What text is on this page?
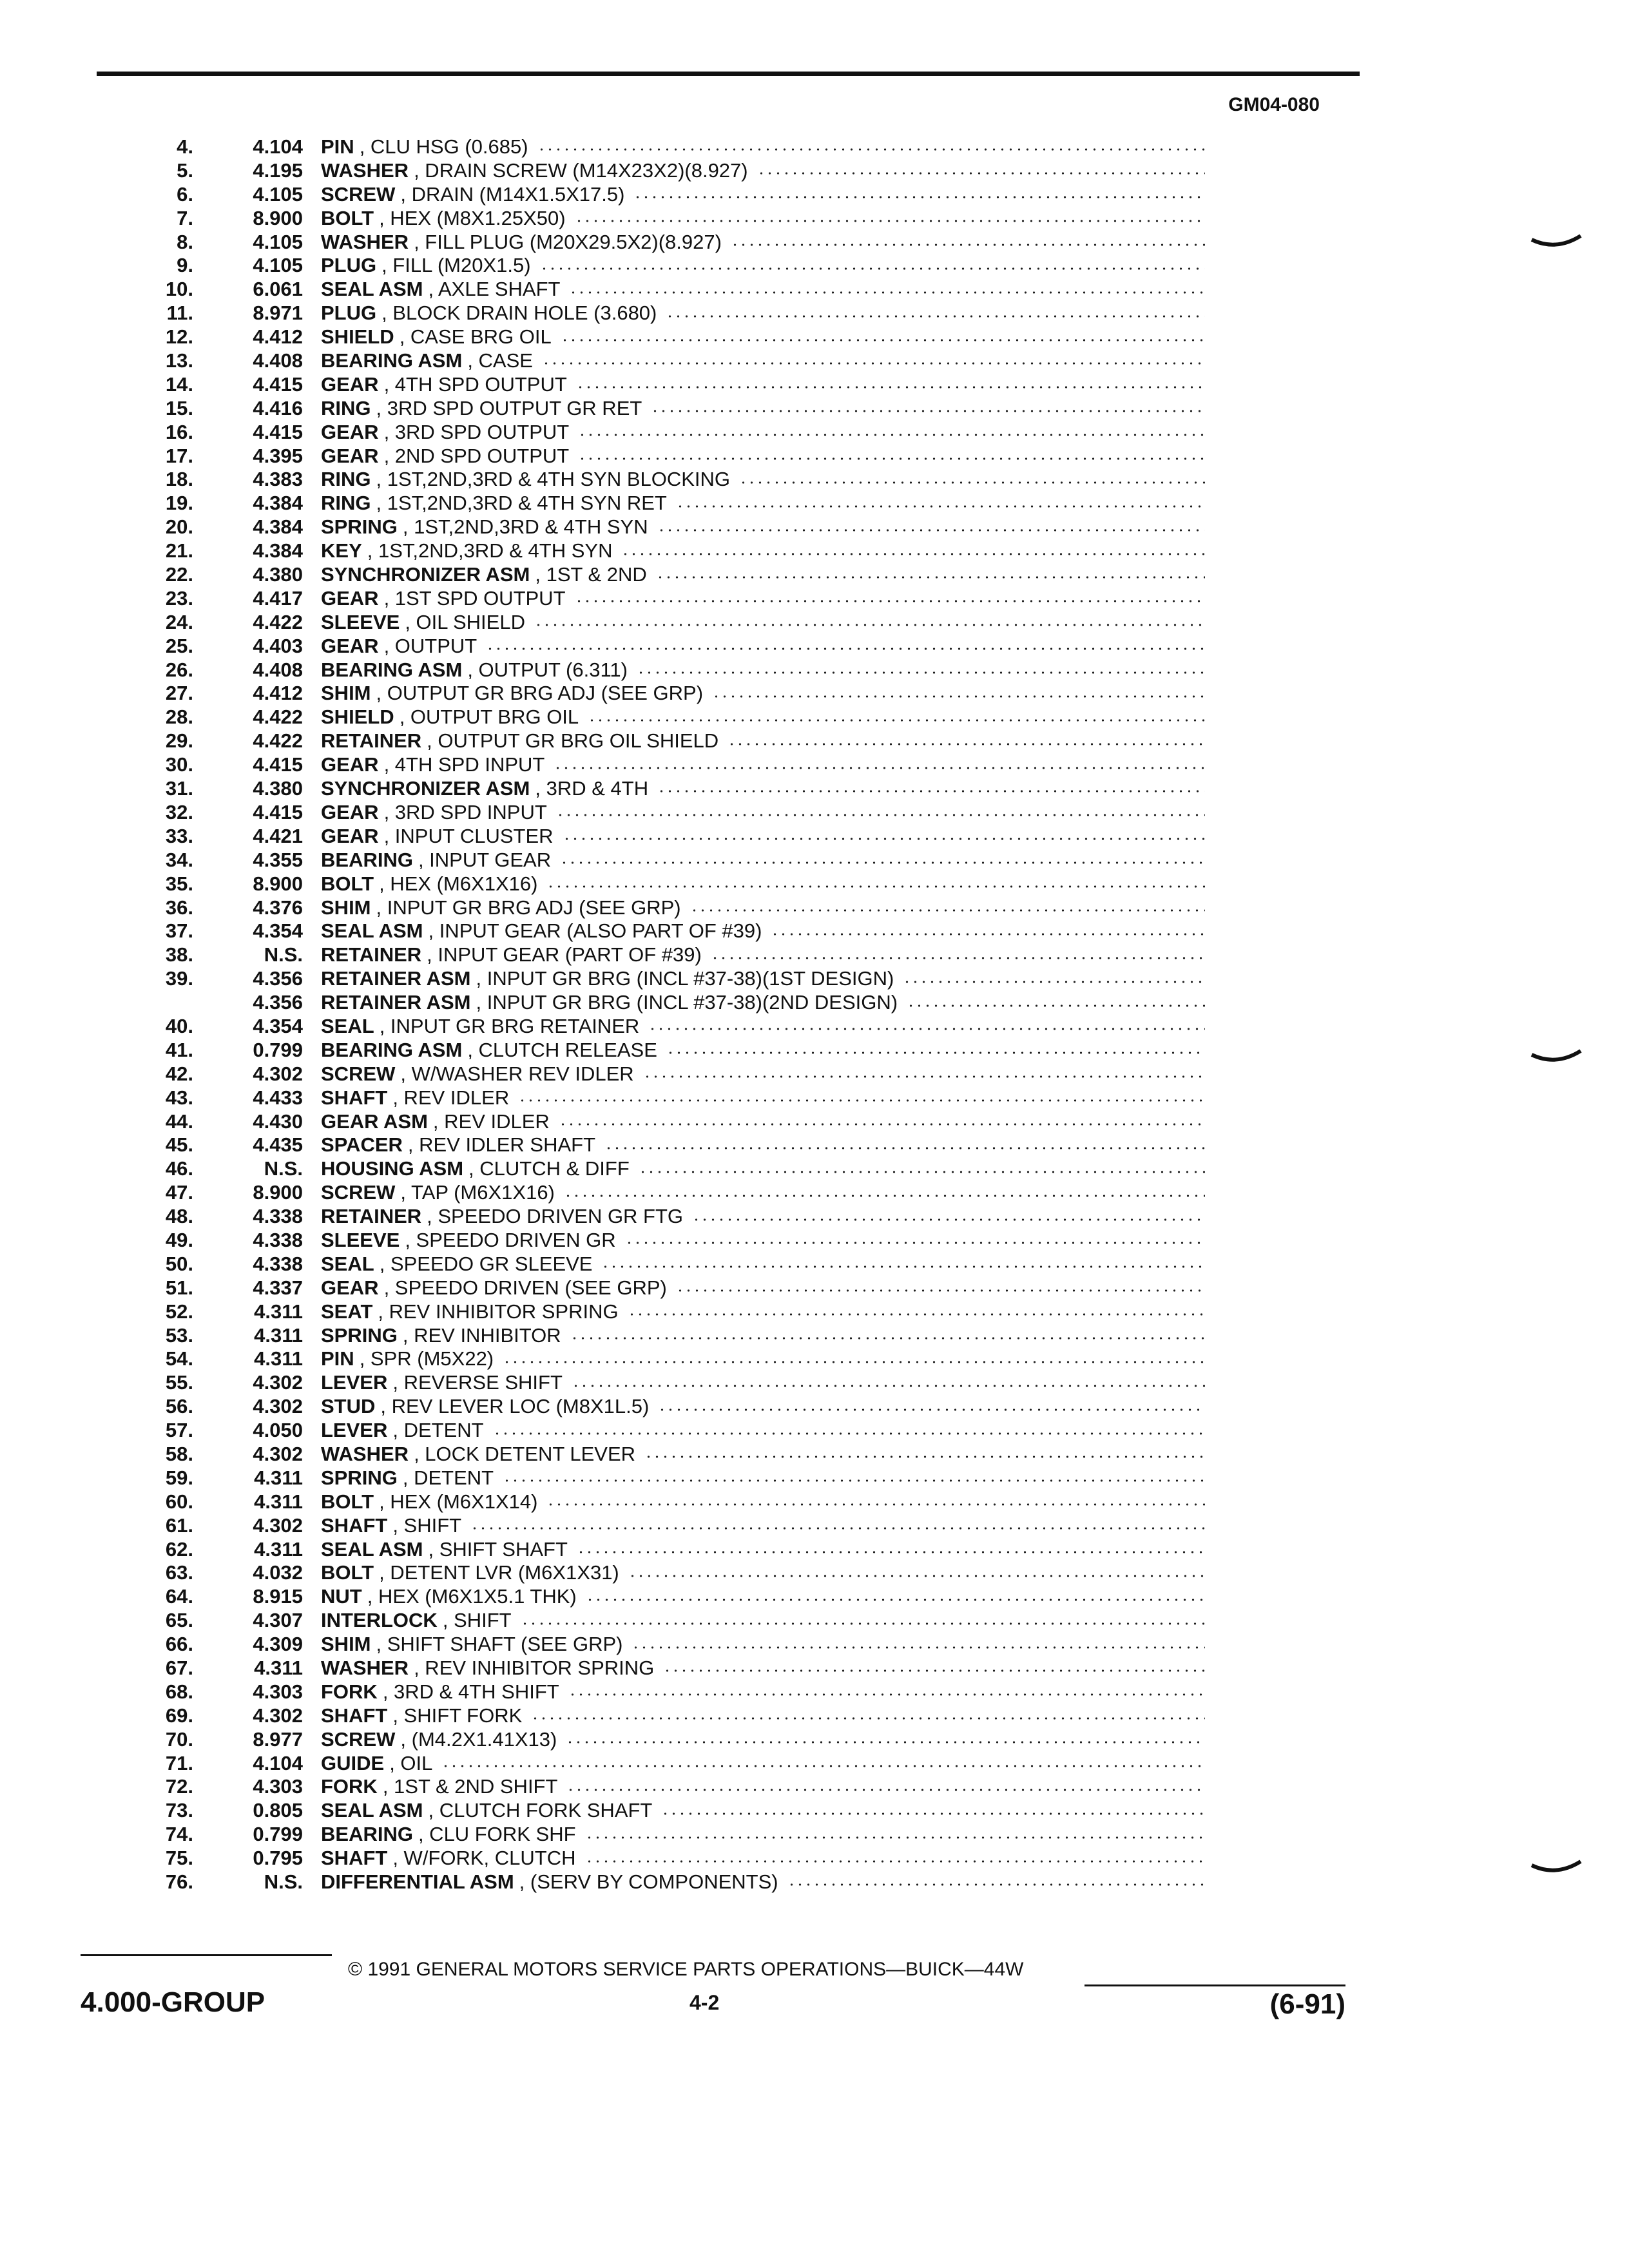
GM04-080
4.	4.104 PIN , CLU HSG (0.685)
5.	4.195 WASHER , DRAIN SCREW (M14X23X2)(8.927)
6.	4.105 SCREW , DRAIN (M14X1.5X17.5)
7.	8.900 BOLT , HEX (M8X1.25X50)
8.	4.105 WASHER , FILL PLUG (M20X29.5X2)(8.927)
9.	4.105 PLUG , FILL (M20X1.5)
10.	6.061 SEAL ASM , AXLE SHAFT
11.	8.971 PLUG , BLOCK DRAIN HOLE (3.680)
12.	4.412 SHIELD , CASE BRG OIL
13.	4.408 BEARING ASM , CASE
14.	4.415 GEAR , 4TH SPD OUTPUT
15.	4.416 RING , 3RD SPD OUTPUT GR RET
16.	4.415 GEAR , 3RD SPD OUTPUT
17.	4.395 GEAR , 2ND SPD OUTPUT
18.	4.383 RING , 1ST,2ND,3RD & 4TH SYN BLOCKING
19.	4.384 RING , 1ST,2ND,3RD & 4TH SYN RET
20.	4.384 SPRING , 1ST,2ND,3RD & 4TH SYN
21.	4.384 KEY , 1ST,2ND,3RD & 4TH SYN
22.	4.380 SYNCHRONIZER ASM , 1ST & 2ND
23.	4.417 GEAR , 1ST SPD OUTPUT
24.	4.422 SLEEVE , OIL SHIELD
25.	4.403 GEAR , OUTPUT
26.	4.408 BEARING ASM , OUTPUT (6.311)
27.	4.412 SHIM , OUTPUT GR BRG ADJ (SEE GRP)
28.	4.422 SHIELD , OUTPUT BRG OIL
29.	4.422 RETAINER , OUTPUT GR BRG OIL SHIELD
30.	4.415 GEAR , 4TH SPD INPUT
31.	4.380 SYNCHRONIZER ASM , 3RD & 4TH
32.	4.415 GEAR , 3RD SPD INPUT
33.	4.421 GEAR , INPUT CLUSTER
34.	4.355 BEARING , INPUT GEAR
35.	8.900 BOLT , HEX (M6X1X16)
36.	4.376 SHIM , INPUT GR BRG ADJ (SEE GRP)
37.	4.354 SEAL ASM , INPUT GEAR (ALSO PART OF #39)
38.	N.S. RETAINER , INPUT GEAR (PART OF #39)
39.	4.356 RETAINER ASM , INPUT GR BRG (INCL #37-38)(1ST DESIGN)
4.356 RETAINER ASM , INPUT GR BRG (INCL #37-38)(2ND DESIGN)
40.	4.354 SEAL , INPUT GR BRG RETAINER
41.	0.799 BEARING ASM , CLUTCH RELEASE
42.	4.302 SCREW , W/WASHER REV IDLER
43.	4.433 SHAFT , REV IDLER
44.	4.430 GEAR ASM , REV IDLER
45.	4.435 SPACER , REV IDLER SHAFT
46.	N.S. HOUSING ASM , CLUTCH & DIFF
47.	8.900 SCREW , TAP (M6X1X16)
48.	4.338 RETAINER , SPEEDO DRIVEN GR FTG
49.	4.338 SLEEVE , SPEEDO DRIVEN GR
50.	4.338 SEAL , SPEEDO GR SLEEVE
51.	4.337 GEAR , SPEEDO DRIVEN (SEE GRP)
52.	4.311 SEAT , REV INHIBITOR SPRING
53.	4.311 SPRING , REV INHIBITOR
54.	4.311 PIN , SPR (M5X22)
55.	4.302 LEVER , REVERSE SHIFT
56.	4.302 STUD , REV LEVER LOC (M8X1L.5)
57.	4.050 LEVER , DETENT
58.	4.302 WASHER , LOCK DETENT LEVER
59.	4.311 SPRING , DETENT
60.	4.311 BOLT , HEX (M6X1X14)
61.	4.302 SHAFT , SHIFT
62.	4.311 SEAL ASM , SHIFT SHAFT
63.	4.032 BOLT , DETENT LVR (M6X1X31)
64.	8.915 NUT , HEX (M6X1X5.1 THK)
65.	4.307 INTERLOCK , SHIFT
66.	4.309 SHIM , SHIFT SHAFT (SEE GRP)
67.	4.311 WASHER , REV INHIBITOR SPRING
68.	4.303 FORK , 3RD & 4TH SHIFT
69.	4.302 SHAFT , SHIFT FORK
70.	8.977 SCREW , (M4.2X1.41X13)
71.	4.104 GUIDE , OIL
72.	4.303 FORK , 1ST & 2ND SHIFT
73.	0.805 SEAL ASM , CLUTCH FORK SHAFT
74.	0.799 BEARING , CLU FORK SHF
75.	0.795 SHAFT , W/FORK, CLUTCH
76.	N.S. DIFFERENTIAL ASM , (SERV BY COMPONENTS)
© 1991 GENERAL MOTORS SERVICE PARTS OPERATIONS—BUICK—44W
4.000-GROUP	4-2	(6-91)
